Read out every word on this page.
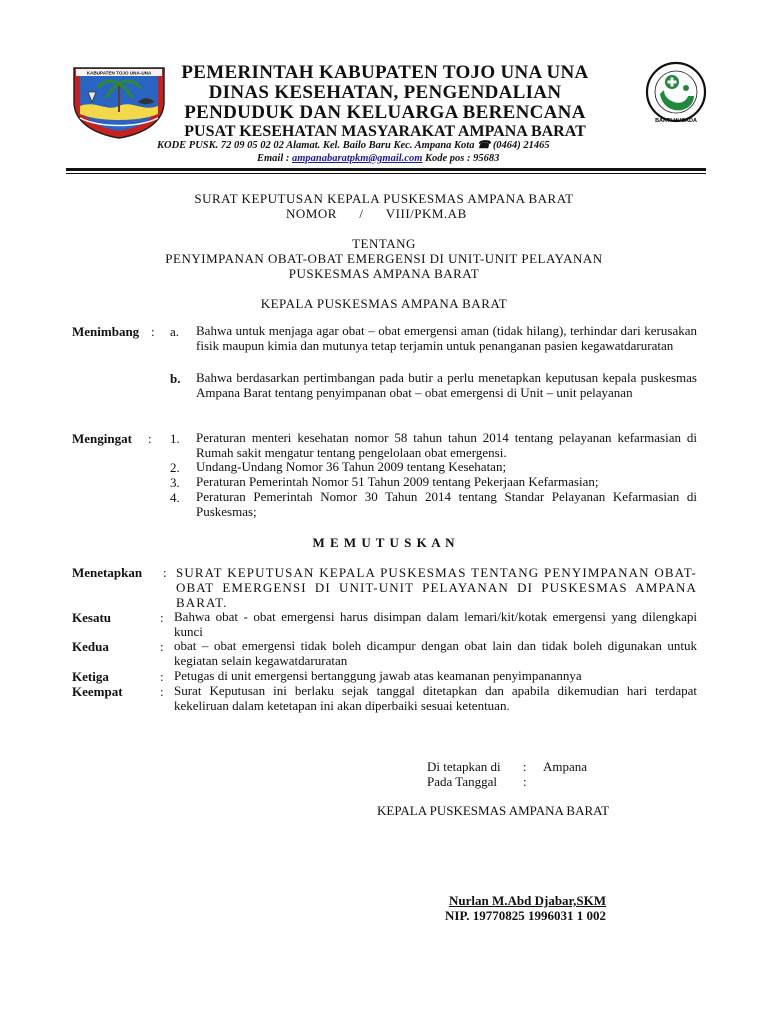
KABUPATEN TOJO UNA-UNA	PEMERINTAH KABUPATEN TOJO UNA UNA
DINAS KESEHATAN, PENGENDALIAN
PENDUDUK DAN KELUARGA BERENCANA
PUSAT KESEHATAN MASYARAKAT AMPANA BARAT
KODE PUSK. 72 09 05 02 02 Alamat. Kel. Bailo Baru Kec. Ampana Kota ☎ (0464) 21465
Email : ampanabaratpkm@gmail.com Kode pos : 95683
BAKTI HUSADA
SURAT KEPUTUSAN KEPALA PUSKESMAS AMPANA BARAT
NOMOR      /      VIII/PKM.AB
TENTANG
PENYIMPANAN OBAT-OBAT EMERGENSI DI UNIT-UNIT PELAYANAN
PUSKESMAS AMPANA BARAT
KEPALA PUSKESMAS AMPANA BARAT
Menimbang : a. Bahwa untuk menjaga agar obat – obat emergensi aman (tidak hilang), terhindar dari kerusakan fisik maupun kimia dan mutunya tetap terjamin untuk penanganan pasien kegawatdaruratan
b. Bahwa berdasarkan pertimbangan pada butir a perlu menetapkan keputusan kepala puskesmas Ampana Barat tentang penyimpanan obat – obat emergensi di Unit – unit pelayanan
Mengingat : 1. Peraturan menteri kesehatan nomor 58 tahun tahun 2014 tentang pelayanan kefarmasian di Rumah sakit mengatur tentang pengelolaan obat emergensi.
2. Undang-Undang Nomor 36 Tahun 2009 tentang Kesehatan;
3. Peraturan Pemerintah Nomor 51 Tahun 2009 tentang Pekerjaan Kefarmasian;
4. Peraturan Pemerintah Nomor 30 Tahun 2014 tentang Standar Pelayanan Kefarmasian di Puskesmas;
M E M U T U S K A N
Menetapkan : SURAT KEPUTUSAN KEPALA PUSKESMAS TENTANG PENYIMPANAN OBAT-OBAT EMERGENSI DI UNIT-UNIT PELAYANAN DI PUSKESMAS AMPANA BARAT.
Kesatu	: Bahwa obat - obat emergensi harus disimpan dalam lemari/kit/kotak emergensi yang dilengkapi kunci
Kedua	: obat – obat emergensi tidak boleh dicampur dengan obat lain dan tidak boleh digunakan untuk kegiatan selain kegawatdaruratan
Ketiga	: Petugas di unit emergensi bertanggung jawab atas keamanan penyimpanannya
Keempat	: Surat Keputusan ini berlaku sejak tanggal ditetapkan dan apabila dikemudian hari terdapat kekeliruan dalam ketetapan ini akan diperbaiki sesuai ketentuan.
Di tetapkan di : Ampana
Pada Tanggal :
KEPALA PUSKESMAS AMPANA BARAT
Nurlan M.Abd Djabar,SKM
NIP. 19770825 1996031 1 002
